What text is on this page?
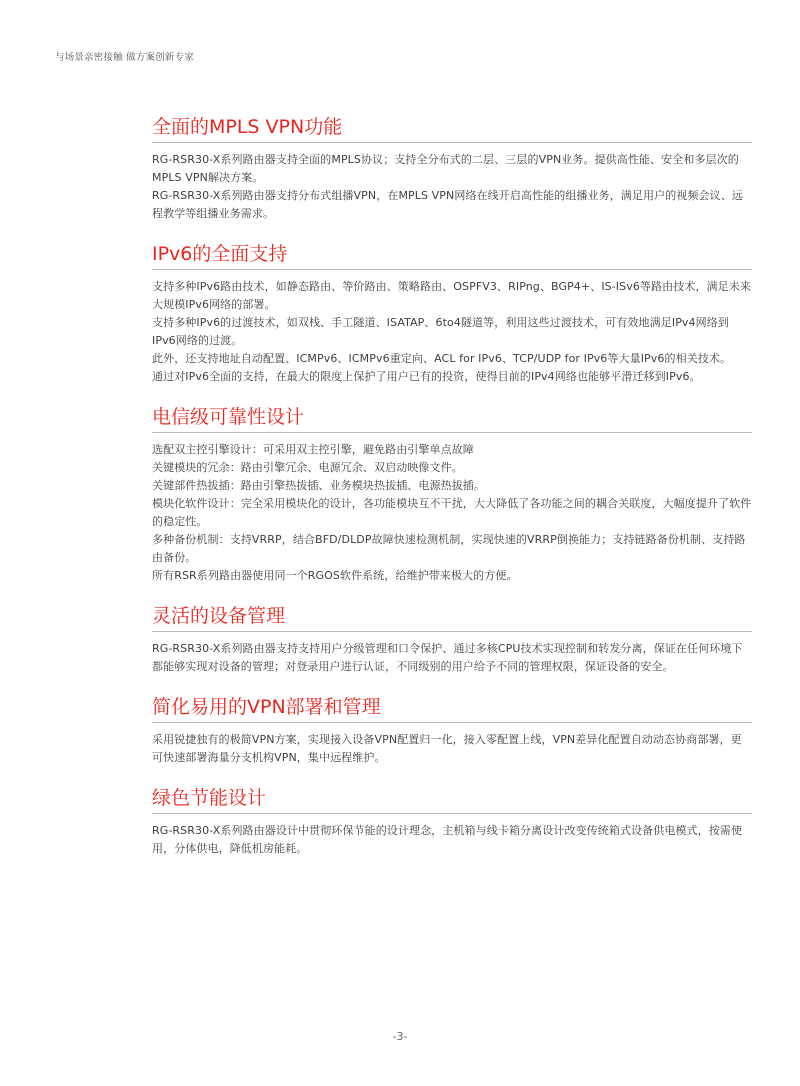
与场景亲密接触 做方案创新专家
全面的MPLS VPN功能

RG-RSR30-X系列路由器支持全面的MPLS协议；支持全分布式的二层、三层的VPN业务。提供高性能、安全和多层次的MPLS VPN解决方案。

RG-RSR30-X系列路由器支持分布式组播VPN，在MPLS VPN网络在线开启高性能的组播业务，满足用户的视频会议、远程教学等组播业务需求。

IPv6的全面支持

支持多种IPv6路由技术，如静态路由、等价路由、策略路由、OSPFV3、RIPng、BGP4+、IS-ISv6等路由技术，满足未来大规模IPv6网络的部署。

支持多种IPv6的过渡技术，如双栈、手工隧道、ISATAP、6to4隧道等，利用这些过渡技术，可有效地满足IPv4网络到IPv6网络的过渡。

此外，还支持地址自动配置、ICMPv6、ICMPv6重定向、ACL for IPv6、TCP/UDP for IPv6等大量IPv6的相关技术。

通过对IPv6全面的支持，在最大的限度上保护了用户已有的投资，使得目前的IPv4网络也能够平滑迁移到IPv6。

电信级可靠性设计

选配双主控引擎设计：可采用双主控引擎，避免路由引擎单点故障

关键模块的冗余：路由引擎冗余、电源冗余、双启动映像文件。

关键部件热拔插：路由引擎热拔插、业务模块热拔插、电源热拔插。

模块化软件设计：完全采用模块化的设计，各功能模块互不干扰，大大降低了各功能之间的耦合关联度，大幅度提升了软件的稳定性。

多种备份机制：支持VRRP，结合BFD/DLDP故障快速检测机制，实现快速的VRRP倒换能力；支持链路备份机制、支持路由备份。

所有RSR系列路由器使用同一个RGOS软件系统，给维护带来极大的方便。

灵活的设备管理

RG-RSR30-X系列路由器支持支持用户分级管理和口令保护、通过多核CPU技术实现控制和转发分离，保证在任何环境下都能够实现对设备的管理；对登录用户进行认证，不同级别的用户给予不同的管理权限，保证设备的安全。

简化易用的VPN部署和管理

采用锐捷独有的极简VPN方案，实现接入设备VPN配置归一化，接入零配置上线，VPN差异化配置自动动态协商部署，更可快速部署海量分支机构VPN，集中远程维护。

绿色节能设计

RG-RSR30-X系列路由器设计中贯彻环保节能的设计理念，主机箱与线卡箱分离设计改变传统箱式设备供电模式，按需使用，分体供电，降低机房能耗。

-3-
